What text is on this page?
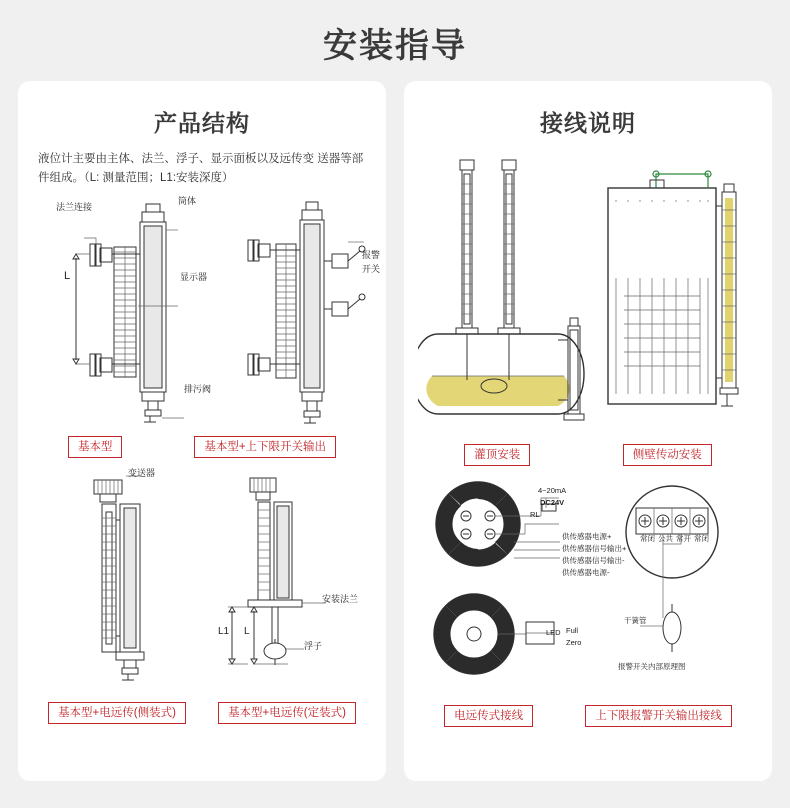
安装指导
产品结构
液位计主要由主体、法兰、浮子、显示面板以及远传变 送器等部件组成。（L: 测量范围；L1:安装深度）
法兰连接
筒体
显示器
排污阀
L
报警
开关
基本型	基本型+上下限开关输出
变送器
安装法兰
浮子
L1 L
基本型+电远传(侧装式)	基本型+电远传(定装式)
接线说明
灌顶安装	侧壁传动安装
4~20mA
DC24V
RL
供传感器电源+
供传感器信号输出+
供传感器信号输出-
供传感器电源-
LED Full
Zero
常闭 公共 常开 常闭
干簧管
报警开关内部原理图
电远传式接线	上下限报警开关输出接线
